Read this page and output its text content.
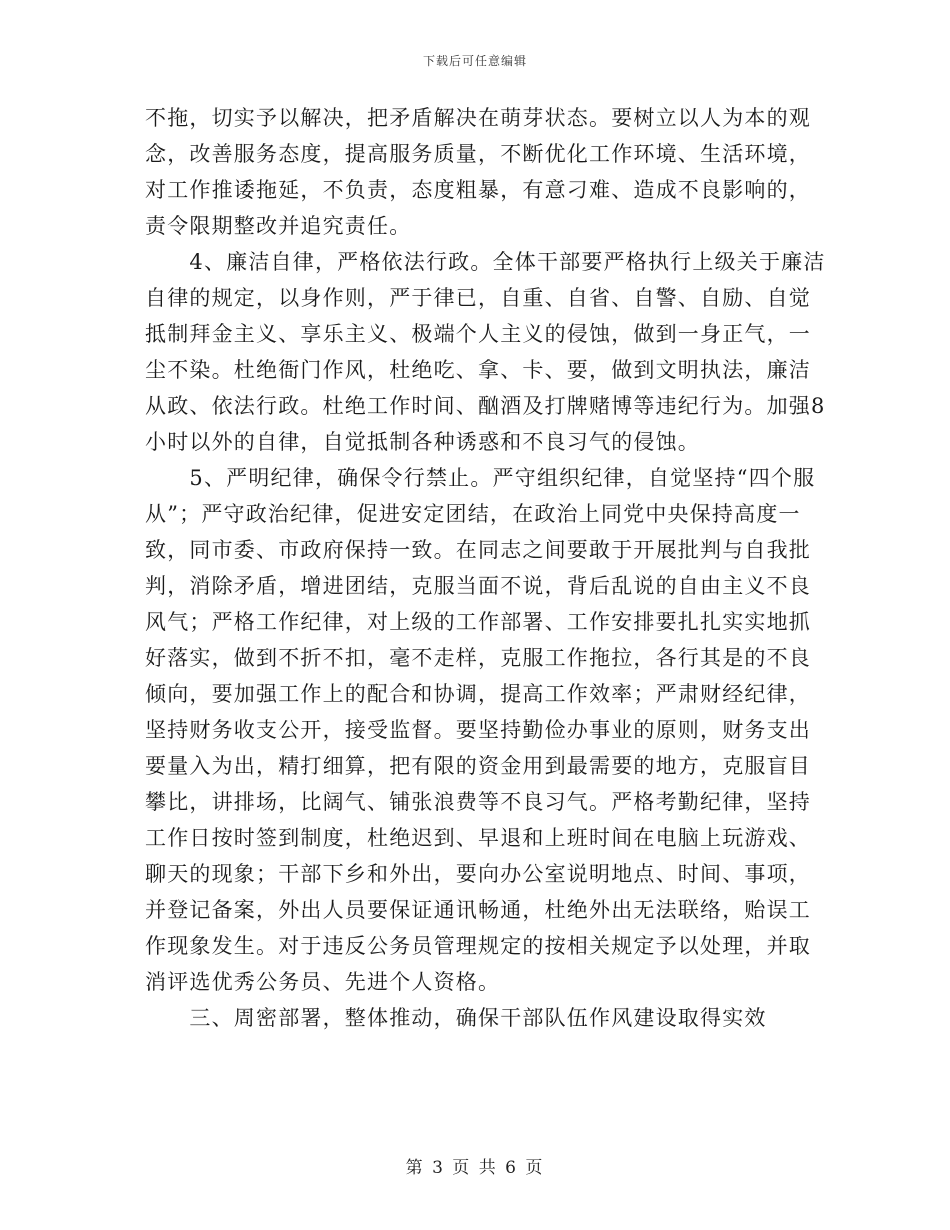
下载后可任意编辑

不拖，切实予以解决，把矛盾解决在萌芽状态。要树立以人为本的观
念，改善服务态度，提高服务质量，不断优化工作环境、生活环境，
对工作推诿拖延，不负责，态度粗暴，有意刁难、造成不良影响的，
责令限期整改并追究责任。

　　4、廉洁自律，严格依法行政。全体干部要严格执行上级关于廉洁
自律的规定，以身作则，严于律已，自重、自省、自警、自励、自觉
抵制拜金主义、享乐主义、极端个人主义的侵蚀，做到一身正气，一
尘不染。杜绝衙门作风，杜绝吃、拿、卡、要，做到文明执法，廉洁
从政、依法行政。杜绝工作时间、酗酒及打牌赌博等违纪行为。加强8
小时以外的自律，自觉抵制各种诱惑和不良习气的侵蚀。

　　5、严明纪律，确保令行禁止。严守组织纪律，自觉坚持“四个服
从”；严守政治纪律，促进安定团结，在政治上同党中央保持高度一
致，同市委、市政府保持一致。在同志之间要敢于开展批判与自我批
判，消除矛盾，增进团结，克服当面不说，背后乱说的自由主义不良
风气；严格工作纪律，对上级的工作部署、工作安排要扎扎实实地抓
好落实，做到不折不扣，毫不走样，克服工作拖拉，各行其是的不良
倾向，要加强工作上的配合和协调，提高工作效率；严肃财经纪律，
坚持财务收支公开，接受监督。要坚持勤俭办事业的原则，财务支出
要量入为出，精打细算，把有限的资金用到最需要的地方，克服盲目
攀比，讲排场，比阔气、铺张浪费等不良习气。严格考勤纪律，坚持
工作日按时签到制度，杜绝迟到、早退和上班时间在电脑上玩游戏、
聊天的现象；干部下乡和外出，要向办公室说明地点、时间、事项，
并登记备案，外出人员要保证通讯畅通，杜绝外出无法联络，贻误工
作现象发生。对于违反公务员管理规定的按相关规定予以处理，并取
消评选优秀公务员、先进个人资格。

　　三、周密部署，整体推动，确保干部队伍作风建设取得实效

第 3 页 共 6 页
